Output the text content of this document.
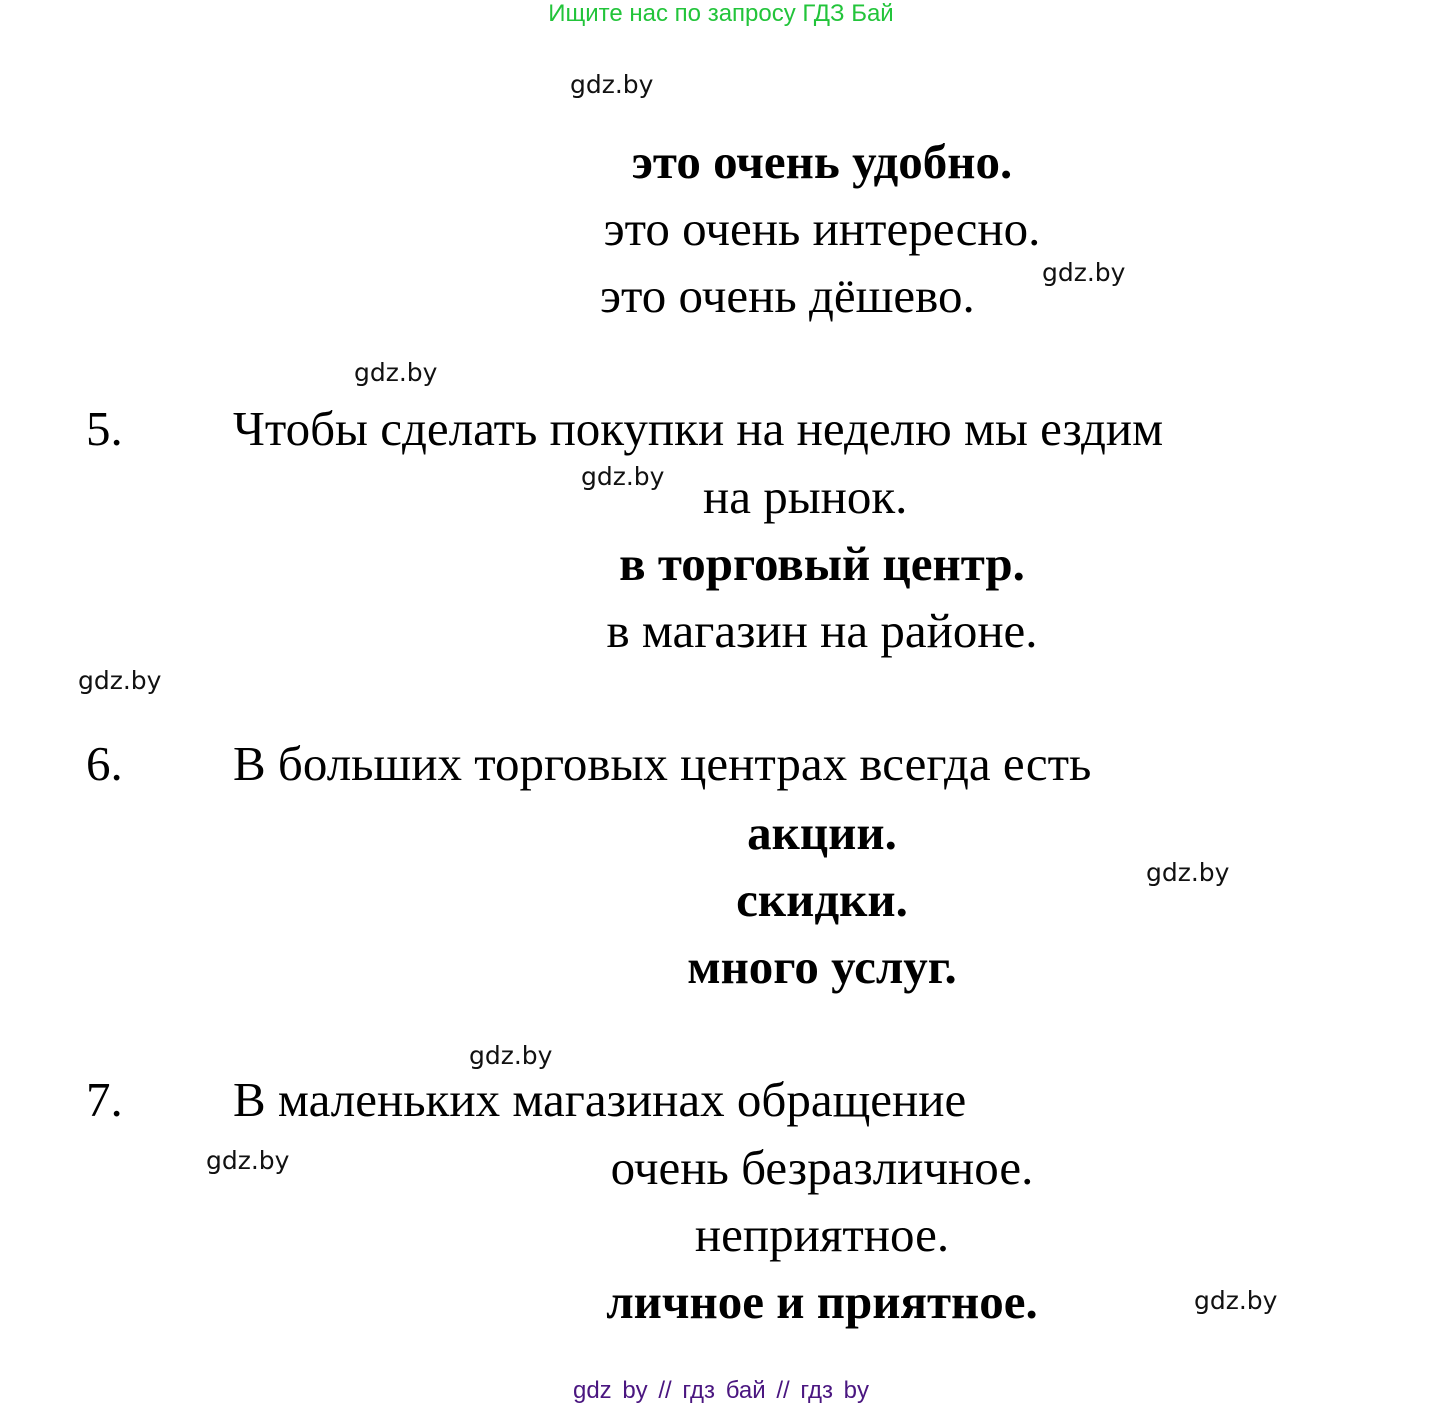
Ищите нас по запросу ГДЗ Бай
gdz.by
gdz.by
gdz.by
gdz.by
gdz.by
gdz.by
gdz.by
gdz.by
gdz.by
это очень удобно.
это очень интересно.
это очень дёшево.
5. Чтобы сделать покупки на неделю мы ездим
на рынок.
в торговый центр.
в магазин на районе.
6. В больших торговых центрах всегда есть
акции.
скидки.
много услуг.
7. В маленьких магазинах обращение
очень безразличное.
неприятное.
личное и приятное.
gdz by // гдз бай // гдз by
